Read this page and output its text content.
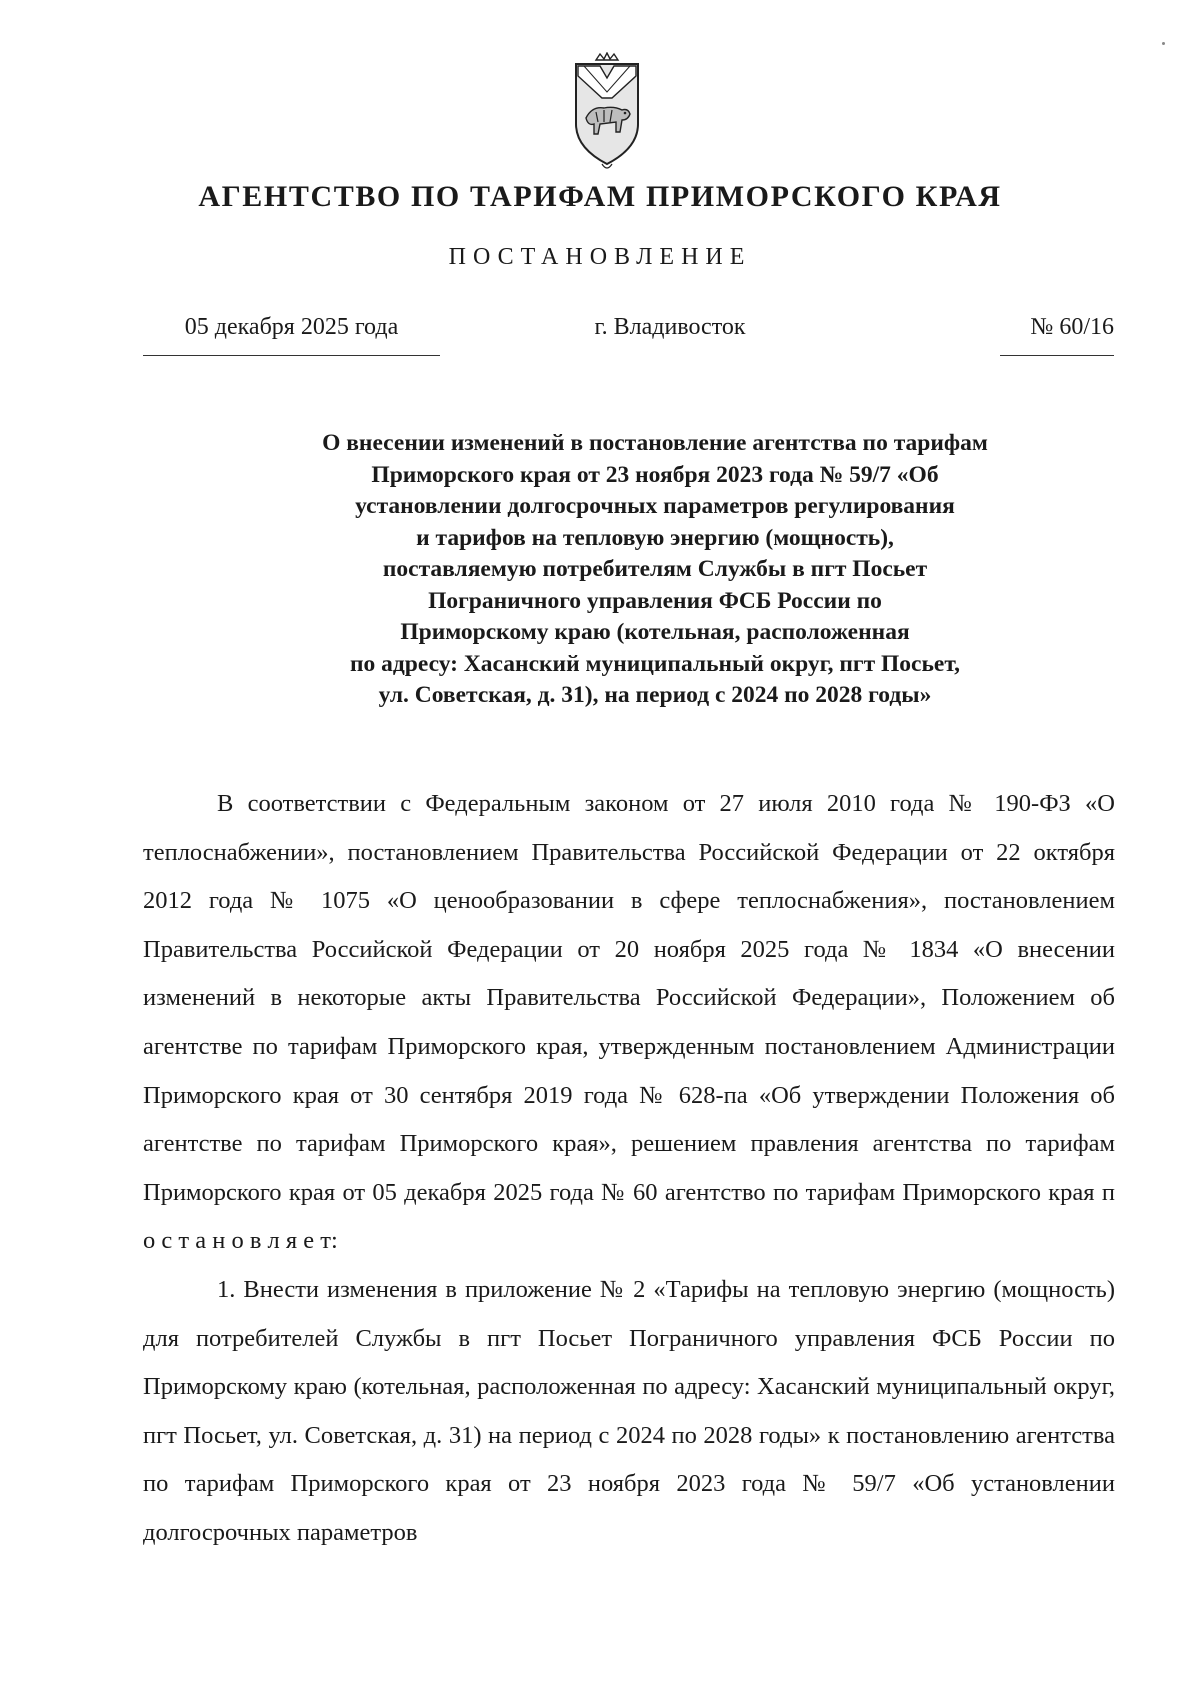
АГЕНТСТВО ПО ТАРИФАМ ПРИМОРСКОГО КРАЯ
ПОСТАНОВЛЕНИЕ
05 декабря 2025 года	г. Владивосток	№ 60/16
О внесении изменений в постановление агентства по тарифам
Приморского края от 23 ноября 2023 года № 59/7 «Об
установлении долгосрочных параметров регулирования
и тарифов на тепловую энергию (мощность),
поставляемую потребителям Службы в пгт Посьет
Пограничного управления ФСБ России по
Приморскому краю (котельная, расположенная
по адресу: Хасанский муниципальный округ, пгт Посьет,
ул. Советская, д. 31), на период с 2024 по 2028 годы»

В соответствии с Федеральным законом от 27 июля 2010 года № 190-ФЗ «О теплоснабжении», постановлением Правительства Российской Федерации от 22 октября 2012 года № 1075 «О ценообразовании в сфере теплоснабжения», постановлением Правительства Российской Федерации от 20 ноября 2025 года № 1834 «О внесении изменений в некоторые акты Правительства Российской Федерации», Положением об агентстве по тарифам Приморского края, утвержденным постановлением Администрации Приморского края от 30 сентября 2019 года № 628-па «Об утверждении Положения об агентстве по тарифам Приморского края», решением правления агентства по тарифам Приморского края от 05 декабря 2025 года № 60 агентство по тарифам Приморского края п о с т а н о в л я е т:

1. Внести изменения в приложение № 2 «Тарифы на тепловую энергию (мощность) для потребителей Службы в пгт Посьет Пограничного управления ФСБ России по Приморскому краю (котельная, расположенная по адресу: Хасанский муниципальный округ, пгт Посьет, ул. Советская, д. 31) на период с 2024 по 2028 годы» к постановлению агентства по тарифам Приморского края от 23 ноября 2023 года № 59/7 «Об установлении долгосрочных параметров
